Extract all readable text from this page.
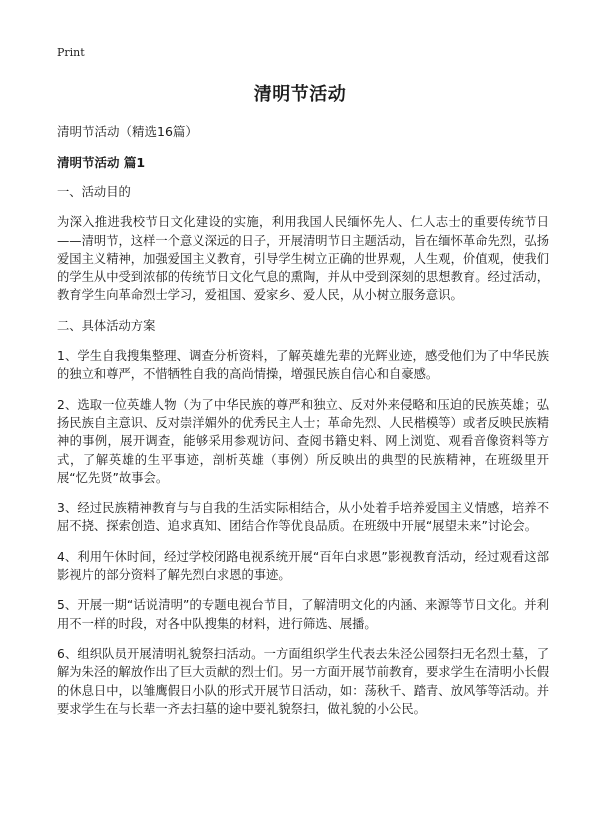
Print
清明节活动

清明节活动（精选16篇）

清明节活动 篇1

一、活动目的

为深入推进我校节日文化建设的实施，利用我国人民缅怀先人、仁人志士的重要传统节日——清明节，这样一个意义深远的日子，开展清明节日主题活动，旨在缅怀革命先烈，弘扬爱国主义精神，加强爱国主义教育，引导学生树立正确的世界观，人生观，价值观，使我们的学生从中受到浓郁的传统节日文化气息的熏陶，并从中受到深刻的思想教育。经过活动，教育学生向革命烈士学习，爱祖国、爱家乡、爱人民，从小树立服务意识。

二、具体活动方案

1、学生自我搜集整理、调查分析资料，了解英雄先辈的光辉业迹，感受他们为了中华民族的独立和尊严，不惜牺牲自我的高尚情操，增强民族自信心和自豪感。

2、选取一位英雄人物（为了中华民族的尊严和独立、反对外来侵略和压迫的民族英雄；弘扬民族自主意识、反对崇洋媚外的优秀民主人士；革命先烈、人民楷模等）或者反映民族精神的事例，展开调查，能够采用参观访问、查阅书籍史料、网上浏览、观看音像资料等方式，了解英雄的生平事迹，剖析英雄（事例）所反映出的典型的民族精神，在班级里开展“忆先贤”故事会。

3、经过民族精神教育与与自我的生活实际相结合，从小处着手培养爱国主义情感，培养不屈不挠、探索创造、追求真知、团结合作等优良品质。在班级中开展“展望未来”讨论会。

4、利用午休时间，经过学校闭路电视系统开展“百年白求恩”影视教育活动，经过观看这部影视片的部分资料了解先烈白求恩的事迹。

5、开展一期“话说清明”的专题电视台节目，了解清明文化的内涵、来源等节日文化。并利用不一样的时段，对各中队搜集的材料，进行筛选、展播。

6、组织队员开展清明礼貌祭扫活动。一方面组织学生代表去朱泾公园祭扫无名烈士墓，了解为朱泾的解放作出了巨大贡献的烈士们。另一方面开展节前教育，要求学生在清明小长假的休息日中，以雏鹰假日小队的形式开展节日活动，如：荡秋千、踏青、放风筝等活动。并要求学生在与长辈一齐去扫墓的途中要礼貌祭扫，做礼貌的小公民。
